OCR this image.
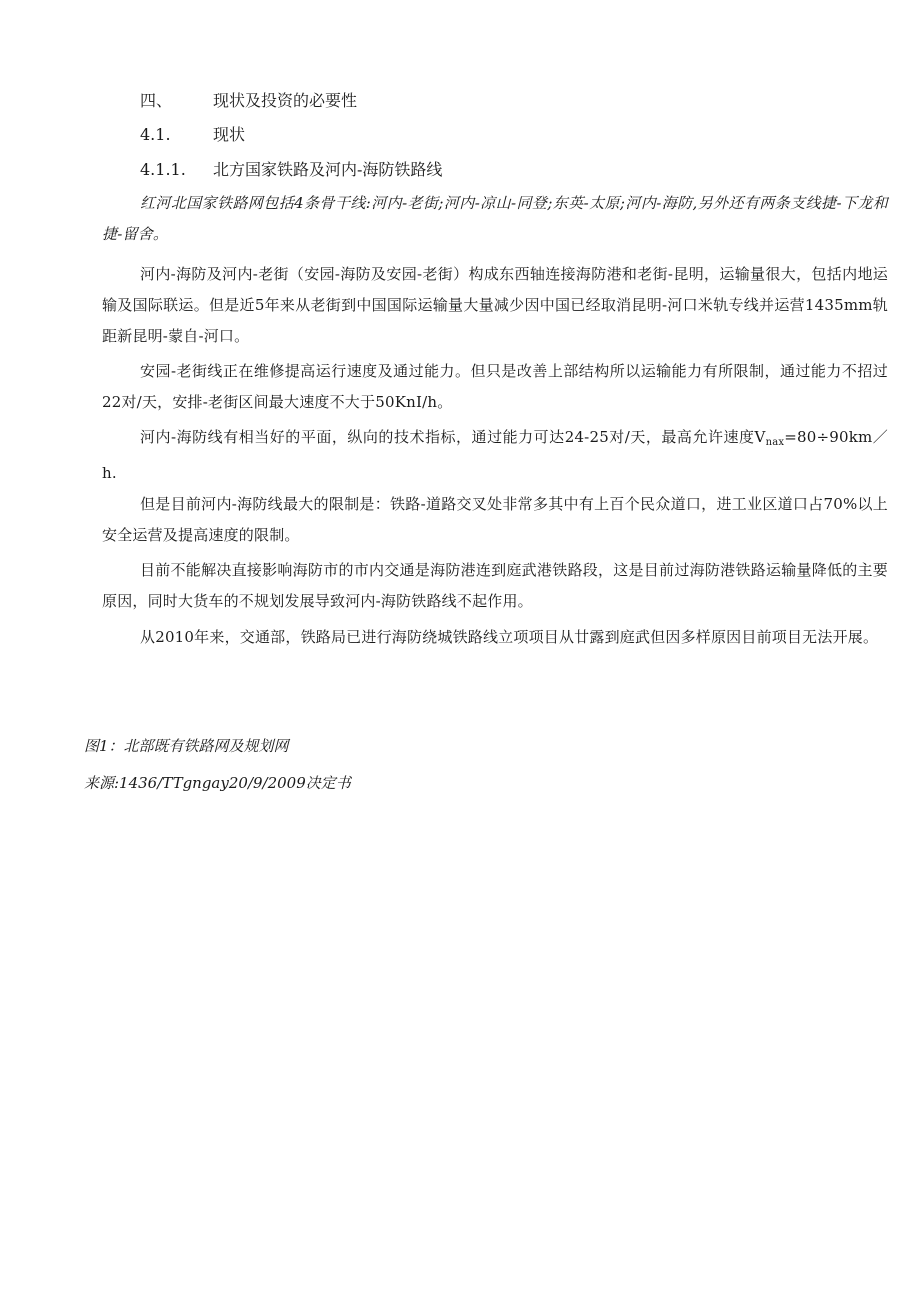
四、	现状及投资的必要性
4.1.	现状
4.1.1. 北方国家铁路及河内-海防铁路线

红河北国家铁路网包括4条骨干线:河内-老街;河内-凉山-同登;东英-太原;河内-海防,另外还有两条支线捷-下龙和捷-留舍。

河内-海防及河内-老街（安园-海防及安园-老街）构成东西轴连接海防港和老街-昆明，运输量很大，包括内地运输及国际联运。但是近5年来从老街到中国国际运输量大量减少因中国已经取消昆明-河口米轨专线并运营1435mm轨距新昆明-蒙自-河口。

安园-老街线正在维修提高运行速度及通过能力。但只是改善上部结构所以运输能力有所限制，通过能力不招过22对/天，安排-老街区间最大速度不大于50KnI/h。

河内-海防线有相当好的平面，纵向的技术指标，通过能力可达24-25对/天，最高允许速度$V_{nax}=80\div 90km/h$.

但是目前河内-海防线最大的限制是：铁路-道路交叉处非常多其中有上百个民众道口，进工业区道口占70%以上安全运营及提高速度的限制。

目前不能解决直接影响海防市的市内交通是海防港连到庭武港铁路段，这是目前过海防港铁路运输量降低的主要原因，同时大货车的不规划发展导致河内-海防铁路线不起作用。

从2010年来，交通部，铁路局已进行海防绕城铁路线立项项目从廿露到庭武但因多样原因目前项目无法开展。

图1：北部既有铁路网及规划网
来源:1436/TTgngay20/9/2009决定书
